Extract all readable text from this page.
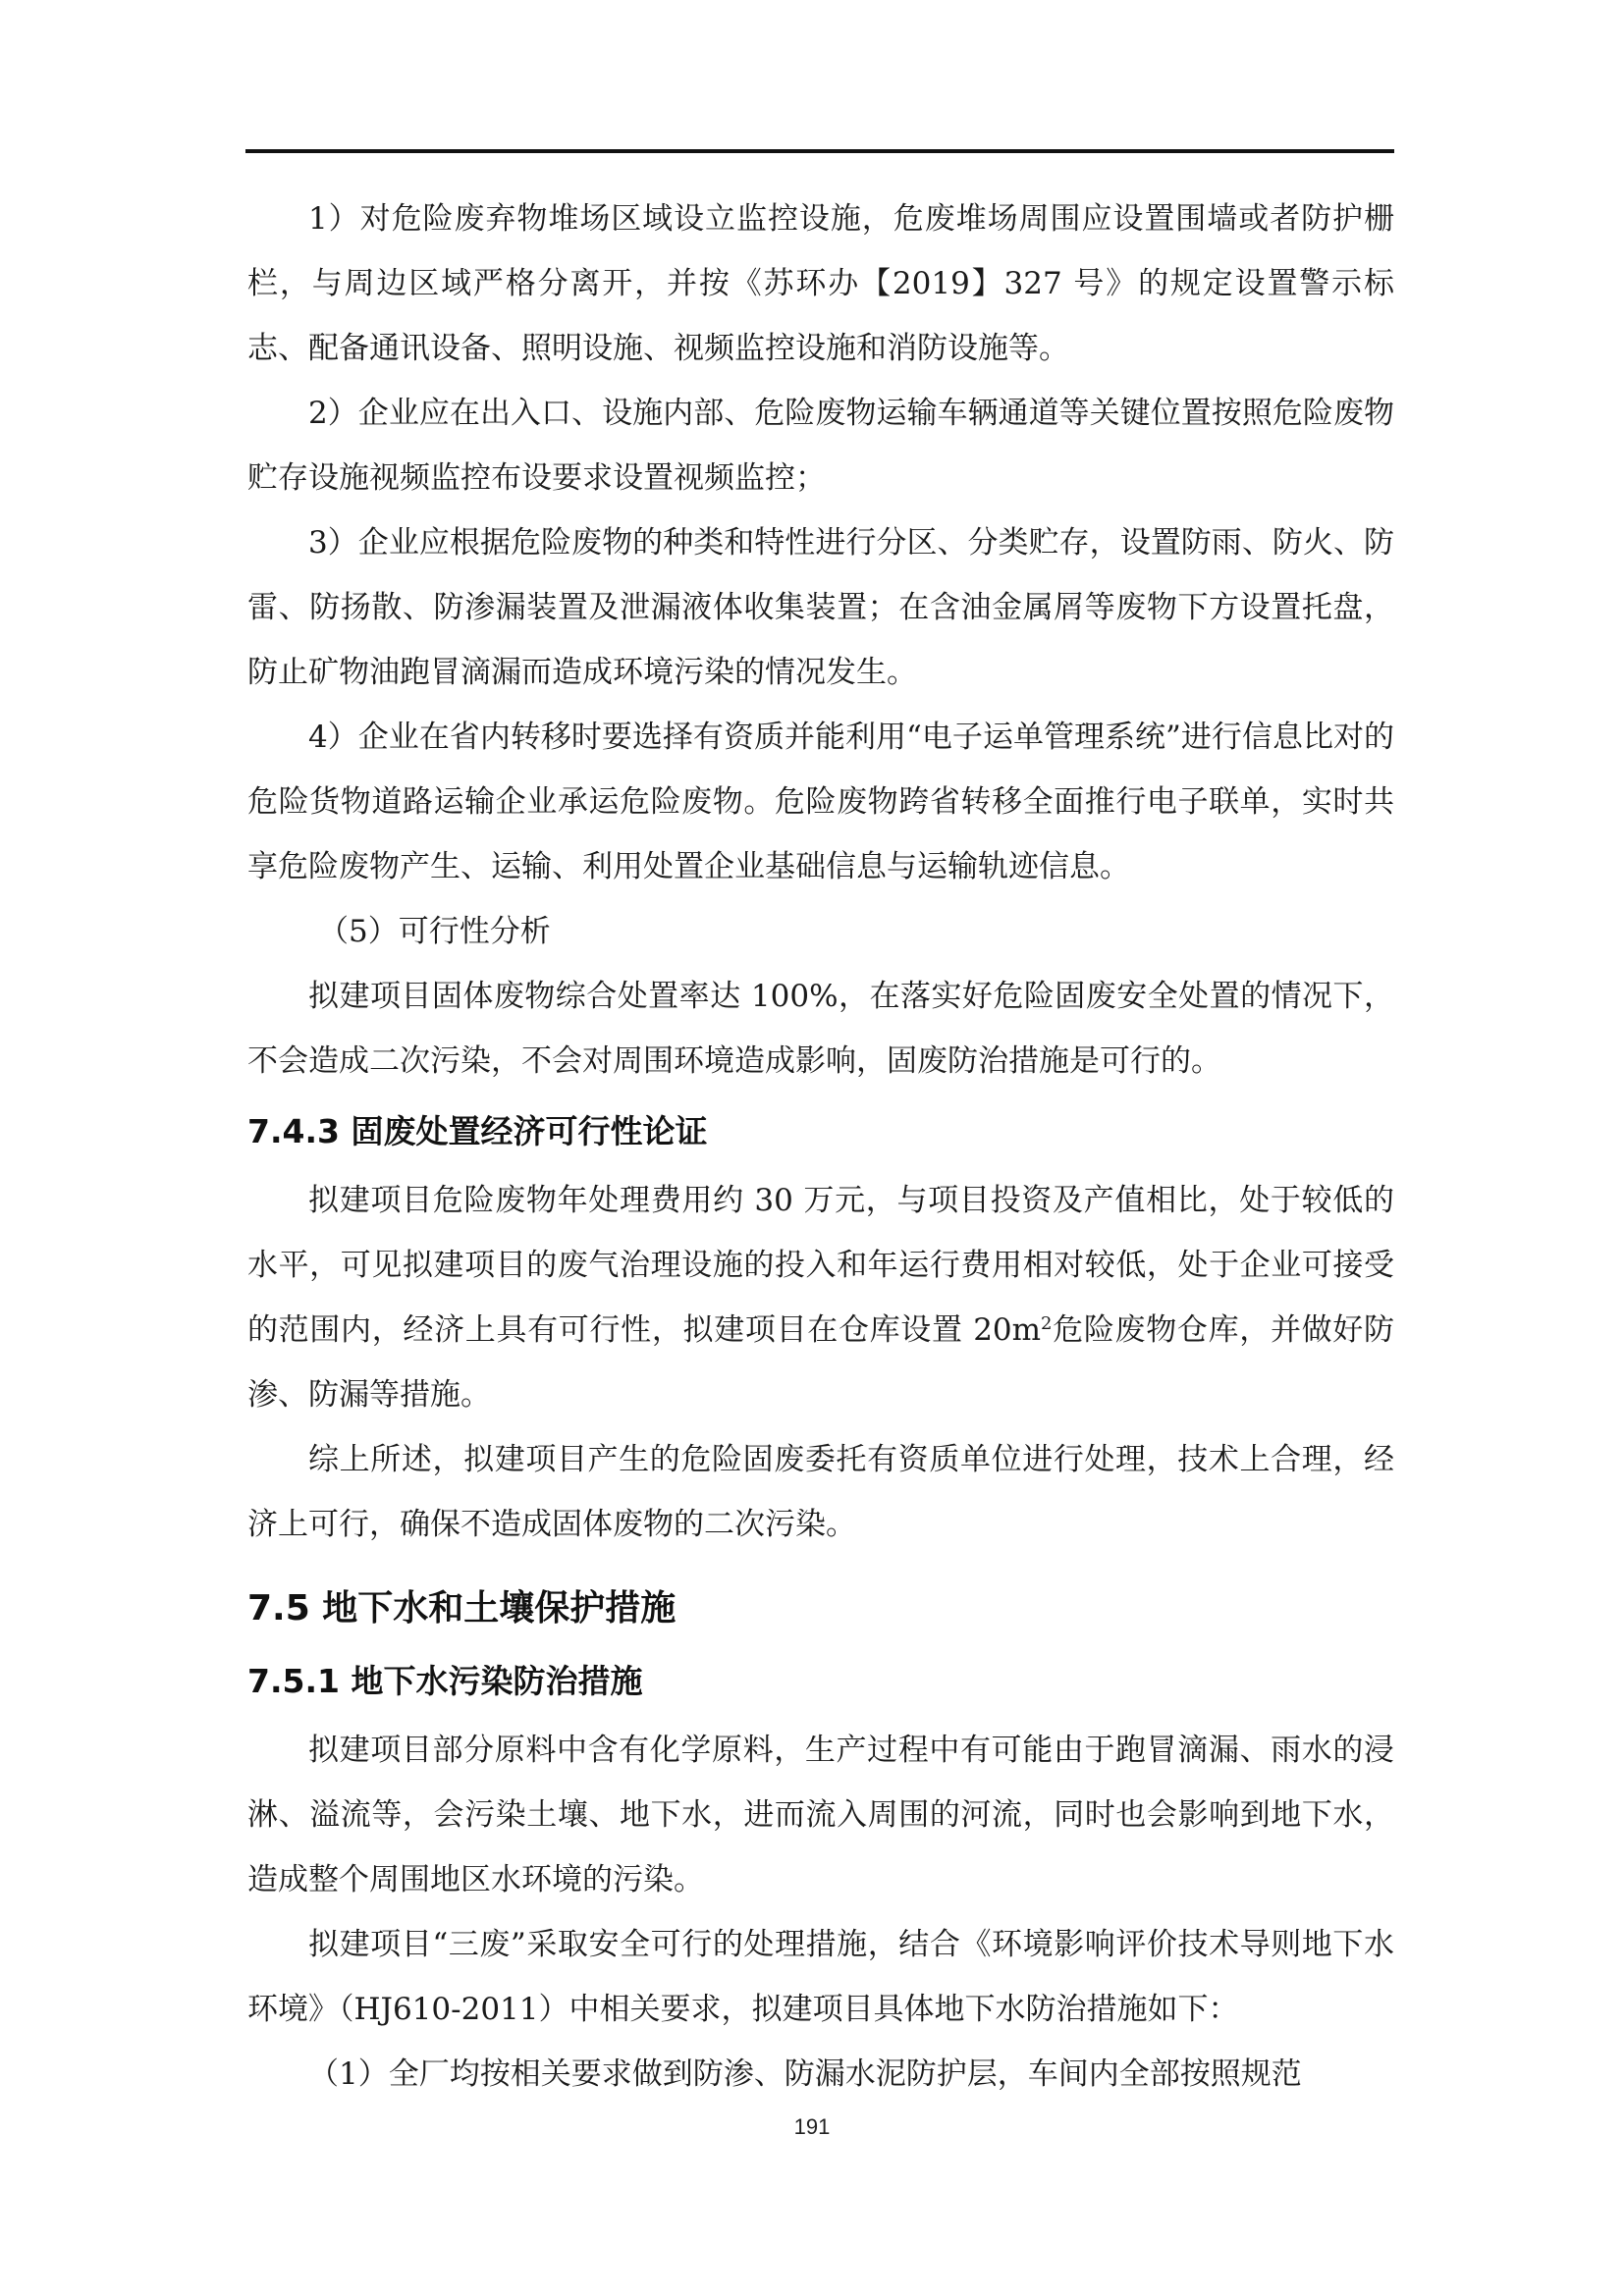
1）对危险废弃物堆场区域设立监控设施，危废堆场周围应设置围墙或者防护栅栏，与周边区域严格分离开，并按《苏环办【2019】327 号》的规定设置警示标志、配备通讯设备、照明设施、视频监控设施和消防设施等。

2）企业应在出入口、设施内部、危险废物运输车辆通道等关键位置按照危险废物贮存设施视频监控布设要求设置视频监控；

3）企业应根据危险废物的种类和特性进行分区、分类贮存，设置防雨、防火、防雷、防扬散、防渗漏装置及泄漏液体收集装置；在含油金属屑等废物下方设置托盘，防止矿物油跑冒滴漏而造成环境污染的情况发生。

4）企业在省内转移时要选择有资质并能利用“电子运单管理系统”进行信息比对的危险货物道路运输企业承运危险废物。危险废物跨省转移全面推行电子联单，实时共享危险废物产生、运输、利用处置企业基础信息与运输轨迹信息。

（5）可行性分析

拟建项目固体废物综合处置率达 100%，在落实好危险固废安全处置的情况下，不会造成二次污染，不会对周围环境造成影响，固废防治措施是可行的。

7.4.3 固废处置经济可行性论证

拟建项目危险废物年处理费用约 30 万元，与项目投资及产值相比，处于较低的水平，可见拟建项目的废气治理设施的投入和年运行费用相对较低，处于企业可接受的范围内，经济上具有可行性，拟建项目在仓库设置 $20m^2$危险废物仓库，并做好防渗、防漏等措施。

综上所述，拟建项目产生的危险固废委托有资质单位进行处理，技术上合理，经济上可行，确保不造成固体废物的二次污染。

7.5 地下水和土壤保护措施
7.5.1 地下水污染防治措施

拟建项目部分原料中含有化学原料，生产过程中有可能由于跑冒滴漏、雨水的浸淋、溢流等，会污染土壤、地下水，进而流入周围的河流，同时也会影响到地下水，造成整个周围地区水环境的污染。

拟建项目“三废”采取安全可行的处理措施，结合《环境影响评价技术导则地下水环境》（HJ610-2011）中相关要求，拟建项目具体地下水防治措施如下：

（1）全厂均按相关要求做到防渗、防漏水泥防护层，车间内全部按照规范

191
